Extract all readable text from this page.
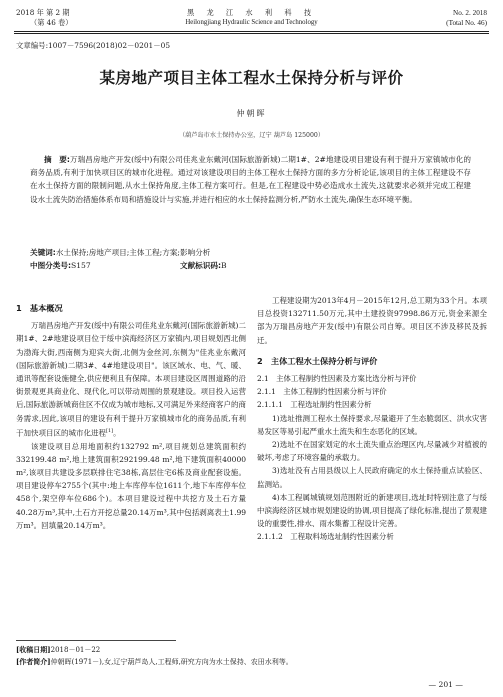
2018 年 第 2 期
（第 46 卷）
黑 龙 江 水 利 科 技
Heilongjiang Hydraulic Science and Technology
No. 2. 2018
(Total No. 46)
文章编号:1007－7596(2018)02－0201－05
某房地产项目主体工程水土保持分析与评价
仲朝晖
（葫芦岛市水土保持办公室，辽宁 葫芦岛 125000）

摘　要:万瑞昌房地产开发(绥中)有限公司佳兆业东戴河(国际旅游新城)二期1#、2#地建设项目建设有利于提升万家镇城市化的商务品质,有利于加快项目区的城市化进程。通过对该建设项目的主体工程水土保持方面的多方分析论证,该项目的主体工程建设不存在水土保持方面的限制问题,从水土保持角度,主体工程方案可行。但是,在工程建设中势必造成水土流失,这就要求必须并完成工程建设水土流失防治措施体系布局和措施设计与实施,并进行相应的水土保持监测分析,严防水土流失,确保生态环境平衡。

关键词:水土保持;房地产项目;主体工程;方案;影响分析
中图分类号:S157	文献标识码:B
1　基本概况

万瑞昌房地产开发(绥中)有限公司佳兆业东戴河(国际旅游新城)二期1#、2#地建设项目位于绥中滨海经济区万家镇内,项目规划西北侧为渤海大街,西南侧为迎宾大街,北侧为金丝河,东侧为"佳兆业东戴河(国际旅游新城)二期3#、4#地建设项目"。该区域水、电、气、暖、通讯等配套设施健全,供应便利且有保障。本项目建设区周围道路的沿街景观更具商业化、现代化,可以带动周围的景观建设。项目投入运营后,国际旅游新城商住区不仅成为城市地标,又可满足外来经商客户的商务需求,因此,该项目的建设有利于提升万家镇城市化的商务品质,有利于加快项目区的城市化进程[1]。

该建设项目总用地面积约132792 m²,项目规划总建筑面积约332199.48 m²,地上建筑面积292199.48 m²,地下建筑面积40000 m²,该项目共建设多层联排住宅38栋,高层住宅6栋及商业配套设施。项目建设停车2755个(其中:地上车库停车位1611个,地下车库停车位458个,架空停车位686个)。本项目建设过程中共挖方及土石方量40.28万m³,其中,土石方开挖总量20.14万m³,其中包括剥离表土1.99万m³。回填量20.14万m³。

工程建设期为2013年4月－2015年12月,总工期为33个月。本项目总投资132711.50万元,其中土建投资97998.86万元,资金来源全部为万瑞昌房地产开发(绥中)有限公司自筹。项目区不涉及移民及拆迁。

2　主体工程水土保持分析与评价
2.1　主体工程制约性因素及方案比选分析与评价
2.1.1　主体工程制约性因素分析与评价
2.1.1.1　工程选址制约性因素分析

1)选址推测工程水土保持要求,尽量避开了生态脆弱区、洪水灾害易发区等易引起严重水土流失和生态恶化的区域。

2)选址不在国家划定的水土流失重点治理区内,尽量减少对植被的破坏,考虑了环境容量的承载力。

3)选址没有占用县级以上人民政府确定的水土保持重点试验区、监测站。

4)本工程属城镇规划范围附近的新建项目,选址时特别注意了与绥中滨海经济区城市规划建设的协调,项目提高了绿化标准,提出了景观建设的重要性,排水、雨水集蓄工程设计完善。

2.1.1.2　工程取料场选址制约性因素分析
[收稿日期]2018－01－22
[作者简介]仲朝晖(1971－),女,辽宁葫芦岛人,工程师,研究方向为水土保持、农田水利等。
— 201 —
